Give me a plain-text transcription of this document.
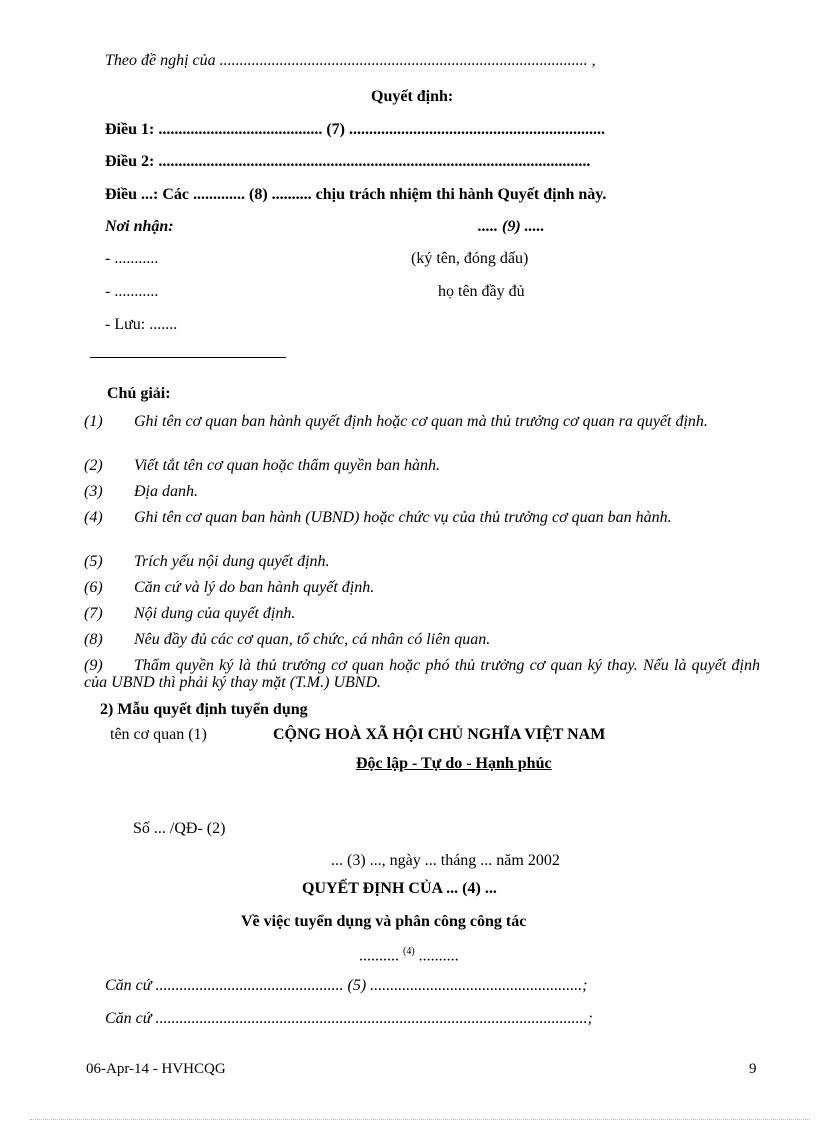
Theo đề nghị của ............................................................................................ ,
Quyết định:
Điều 1: ......................................... (7) ................................................................
Điều 2: ............................................................................................................
Điều ...: Các ............. (8) .......... chịu trách nhiệm thi hành Quyết định này.
Nơi nhận:	..... (9) .....
- ...........	(ký tên, đóng dấu)
- ...........	họ tên đầy đủ
- Lưu: .......
Chú giải:
(1) Ghi tên cơ quan ban hành quyết định hoặc cơ quan mà thủ trưởng cơ quan ra quyết định.
(2) Viết tắt tên cơ quan hoặc thẩm quyền ban hành.
(3) Địa danh.
(4) Ghi tên cơ quan ban hành (UBND) hoặc chức vụ của thủ trưởng cơ quan ban hành.
(5) Trích yếu nội dung quyết định.
(6) Căn cứ và lý do ban hành quyết định.
(7) Nội dung của quyết định.
(8) Nêu đầy đủ các cơ quan, tổ chức, cá nhân có liên quan.
(9) Thẩm quyền ký là thủ trưởng cơ quan hoặc phó thủ trưởng cơ quan ký thay. Nếu là quyết định của UBND thì phải ký thay mặt (T.M.) UBND.
2) Mẫu quyết định tuyển dụng
tên cơ quan (1)	CỘNG HOÀ XÃ HỘI CHỦ NGHĨA VIỆT NAM
Độc lập - Tự do - Hạnh phúc
Số ... /QĐ- (2)
... (3) ..., ngày ... tháng ... năm 2002
QUYẾT ĐỊNH CỦA ... (4) ...
Về việc tuyển dụng và phân công công tác
.......... $^{(4)}$ ..........
Căn cứ ............................................... (5) .....................................................;
Căn cứ ............................................................................................................;
06-Apr-14 - HVHCQG	9
